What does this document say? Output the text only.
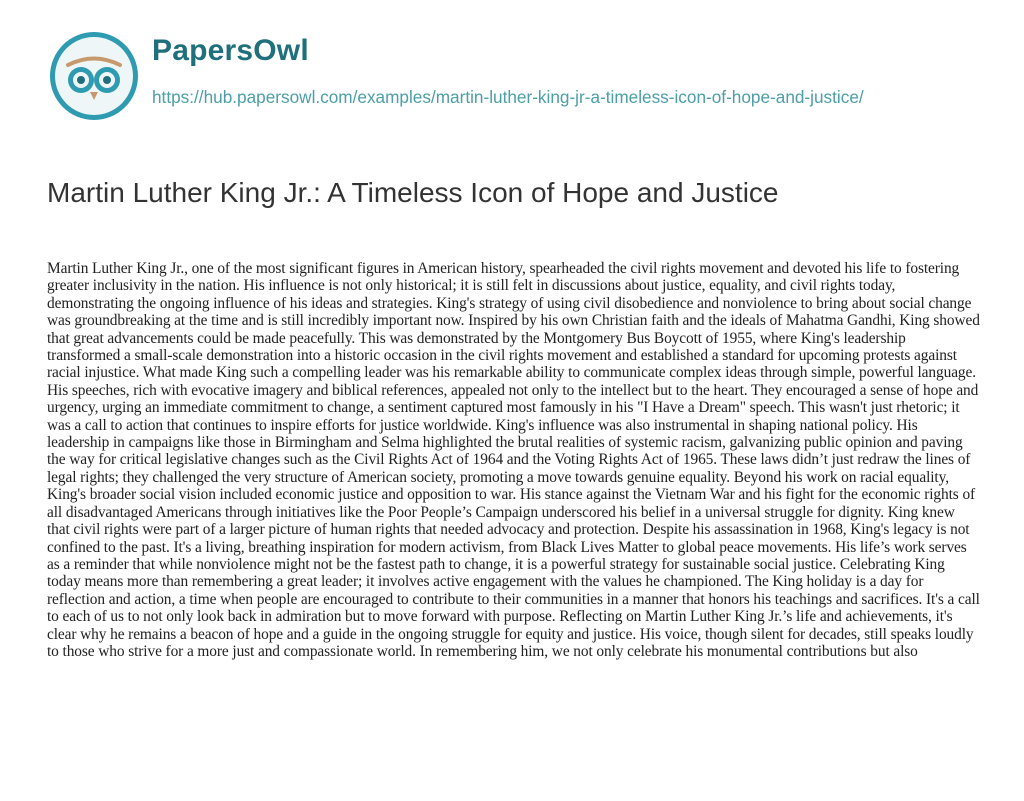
PapersOwl
https://hub.papersowl.com/examples/martin-luther-king-jr-a-timeless-icon-of-hope-and-justice/
Martin Luther King Jr.: A Timeless Icon of Hope and Justice

Martin Luther King Jr., one of the most significant figures in American history, spearheaded the civil rights movement and devoted his life to fostering greater inclusivity in the nation. His influence is not only historical; it is still felt in discussions about justice, equality, and civil rights today, demonstrating the ongoing influence of his ideas and strategies. King's strategy of using civil disobedience and nonviolence to bring about social change was groundbreaking at the time and is still incredibly important now. Inspired by his own Christian faith and the ideals of Mahatma Gandhi, King showed that great advancements could be made peacefully. This was demonstrated by the Montgomery Bus Boycott of 1955, where King's leadership transformed a small-scale demonstration into a historic occasion in the civil rights movement and established a standard for upcoming protests against racial injustice. What made King such a compelling leader was his remarkable ability to communicate complex ideas through simple, powerful language. His speeches, rich with evocative imagery and biblical references, appealed not only to the intellect but to the heart. They encouraged a sense of hope and urgency, urging an immediate commitment to change, a sentiment captured most famously in his "I Have a Dream" speech. This wasn't just rhetoric; it was a call to action that continues to inspire efforts for justice worldwide. King's influence was also instrumental in shaping national policy. His leadership in campaigns like those in Birmingham and Selma highlighted the brutal realities of systemic racism, galvanizing public opinion and paving the way for critical legislative changes such as the Civil Rights Act of 1964 and the Voting Rights Act of 1965. These laws didn’t just redraw the lines of legal rights; they challenged the very structure of American society, promoting a move towards genuine equality. Beyond his work on racial equality, King's broader social vision included economic justice and opposition to war. His stance against the Vietnam War and his fight for the economic rights of all disadvantaged Americans through initiatives like the Poor People’s Campaign underscored his belief in a universal struggle for dignity. King knew that civil rights were part of a larger picture of human rights that needed advocacy and protection. Despite his assassination in 1968, King's legacy is not confined to the past. It's a living, breathing inspiration for modern activism, from Black Lives Matter to global peace movements. His life’s work serves as a reminder that while nonviolence might not be the fastest path to change, it is a powerful strategy for sustainable social justice. Celebrating King today means more than remembering a great leader; it involves active engagement with the values he championed. The King holiday is a day for reflection and action, a time when people are encouraged to contribute to their communities in a manner that honors his teachings and sacrifices. It's a call to each of us to not only look back in admiration but to move forward with purpose. Reflecting on Martin Luther King Jr.’s life and achievements, it's clear why he remains a beacon of hope and a guide in the ongoing struggle for equity and justice. His voice, though silent for decades, still speaks loudly to those who strive for a more just and compassionate world. In remembering him, we not only celebrate his monumental contributions but also
